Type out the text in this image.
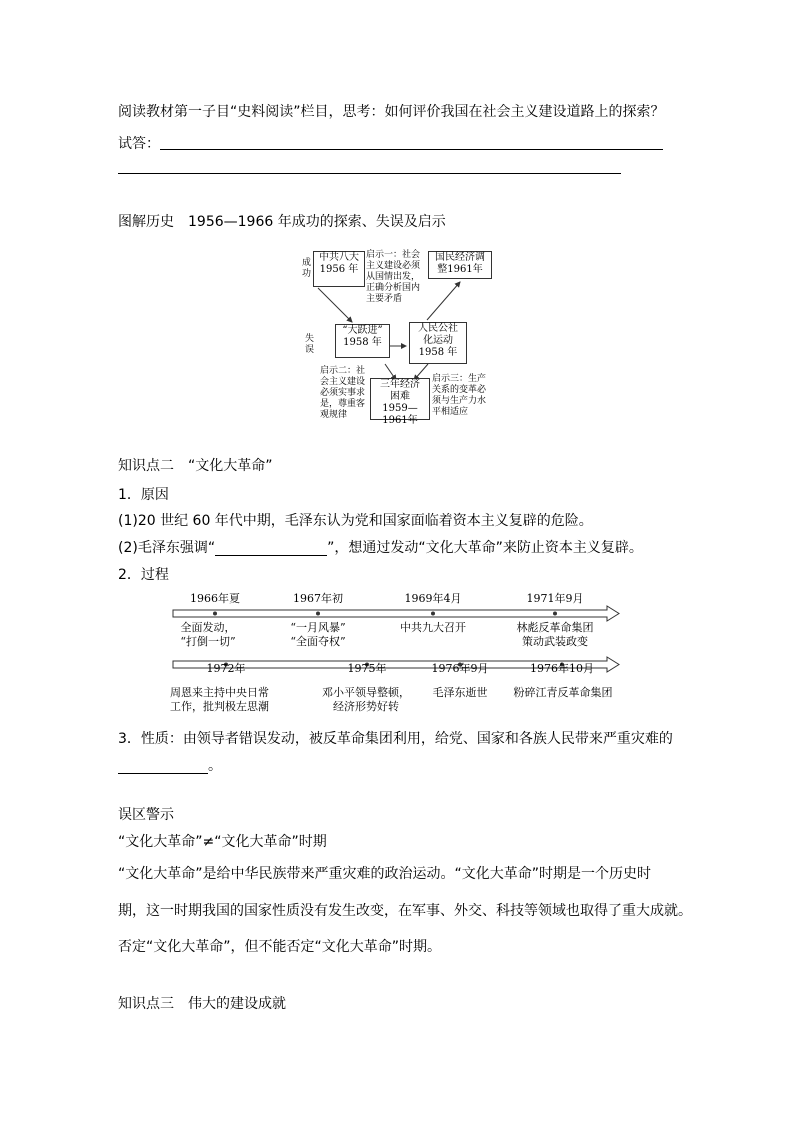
阅读教材第一子目“史料阅读”栏目，思考：如何评价我国在社会主义建设道路上的探索？
试答：
图解历史　1956—1966 年成功的探索、失误及启示
成
功
失
误
中共八大
1956 年
启示一：社会
主义建设必须
从国情出发，
正确分析国内
主要矛盾
国民经济调
整1961年
“大跃进”
1958 年
人民公社
化运动
1958 年
启示二：社
会主义建设
必须实事求
是，尊重客
观规律
三年经济
困难
1959—1961年
启示三：生产
关系的变革必
须与生产力水
平相适应
知识点二　“文化大革命”
1．原因
(1)20 世纪 60 年代中期，毛泽东认为党和国家面临着资本主义复辟的危险。
(2)毛泽东强调“	”，想通过发动“文化大革命”来防止资本主义复辟。
2．过程
1966年夏	1967年初	1969年4月	1971年9月
全面发动，
“打倒一切”
“一月风暴”
“全面夺权”
中共九大召开	林彪反革命集团
策动武装政变
1972年	1975年	1976年9月	1976年10月
周恩来主持中央日常
工作，批判极左思潮
邓小平领导整顿，
经济形势好转
毛泽东逝世	粉碎江青反革命集团
3．性质：由领导者错误发动，被反革命集团利用，给党、国家和各族人民带来严重灾难的
。
误区警示
“文化大革命”≠“文化大革命”时期
“文化大革命”是给中华民族带来严重灾难的政治运动。“文化大革命”时期是一个历史时
期，这一时期我国的国家性质没有发生改变，在军事、外交、科技等领域也取得了重大成就。
否定“文化大革命”，但不能否定“文化大革命”时期。
知识点三　伟大的建设成就
